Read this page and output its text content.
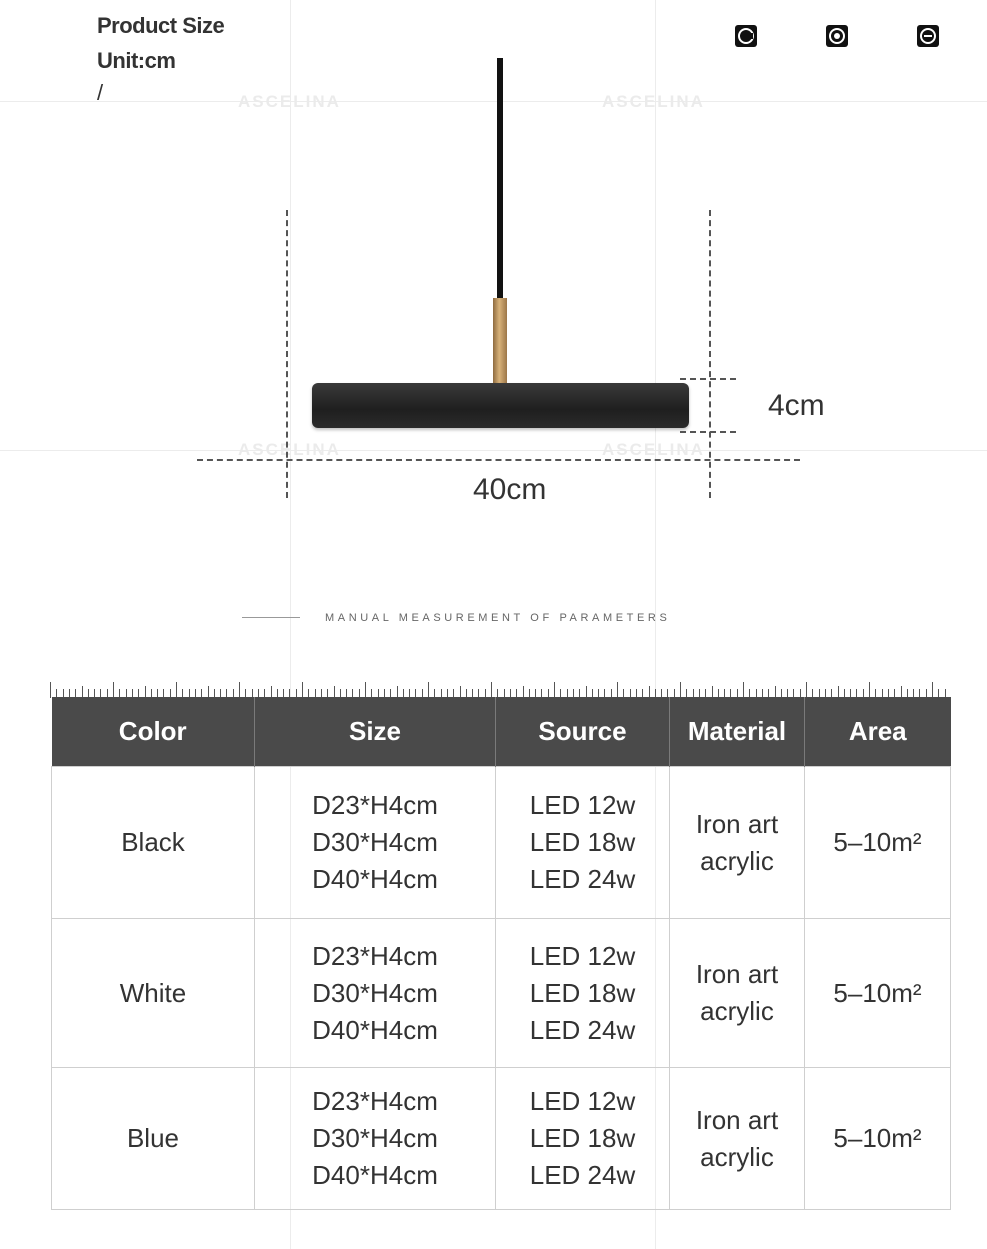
ASCELINA	ASCELINA
ASCELINA	ASCELINA
Product Size
Unit:cm
/
4cm
40cm
MANUAL MEASUREMENT OF PARAMETERS
Color	Size	Source	Material	Area
Black	D23*H4cm
D30*H4cm
D40*H4cm	LED 12w
LED 18w
LED 24w	Iron art
acrylic	5–10m²
White	D23*H4cm
D30*H4cm
D40*H4cm	LED 12w
LED 18w
LED 24w	Iron art
acrylic	5–10m²
Blue	D23*H4cm
D30*H4cm
D40*H4cm	LED 12w
LED 18w
LED 24w	Iron art
acrylic	5–10m²
